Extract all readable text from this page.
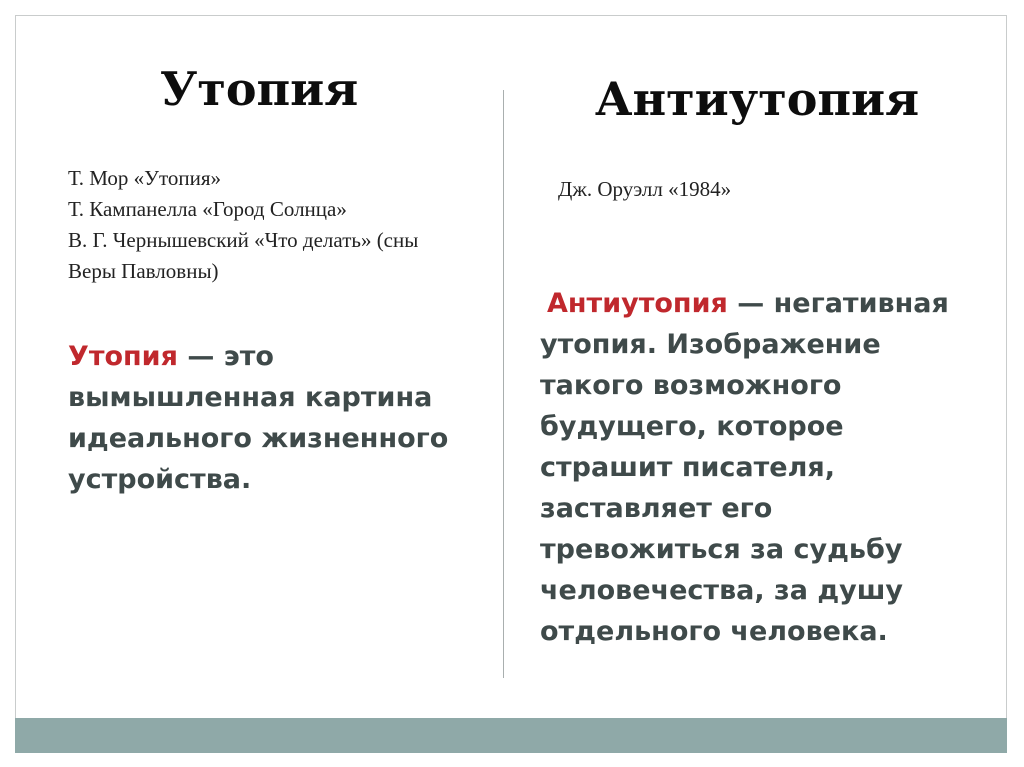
Утопия	Антиутопия
Т. Мор «Утопия»
Т. Кампанелла «Город Солнца»
В. Г. Чернышевский «Что делать» (сны Веры Павловны)
Дж. Оруэлл «1984»

Утопия — это вымышленная картина идеального жизненного устройства.

Антиутопия — негативная утопия. Изображение такого возможного будущего, которое страшит писателя, заставляет его тревожиться за судьбу человечества, за душу отдельного человека.
